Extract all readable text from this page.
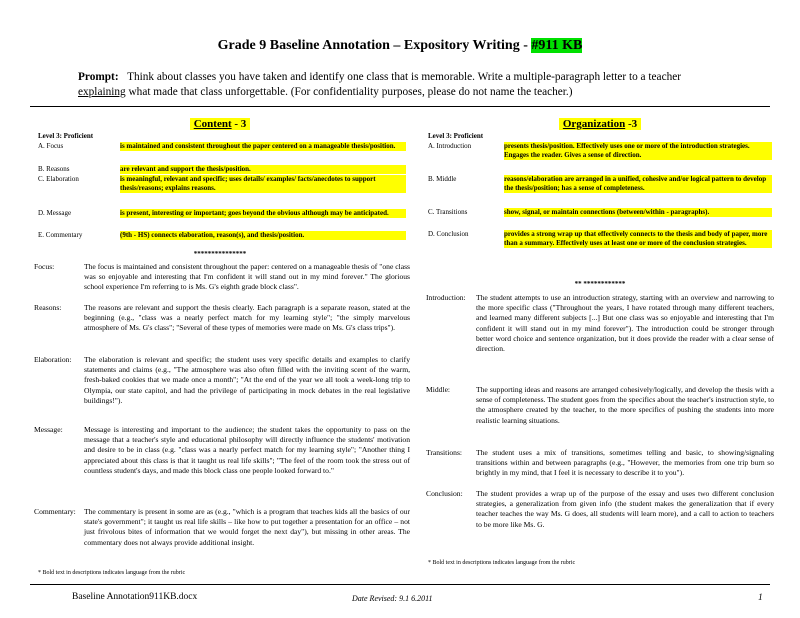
Grade 9 Baseline Annotation – Expository Writing - #911 KB
Prompt: Think about classes you have taken and identify one class that is memorable. Write a multiple-paragraph letter to a teacher
explaining what made that class unforgettable. (For confidentiality purposes, please do not name the teacher.)
Content - 3
Level 3: Proficient
A. Focus	is maintained and consistent throughout the paper centered on a manageable thesis/position.
B. Reasons	are relevant and support the thesis/position.
C. Elaboration	is meaningful, relevant and specific; uses details/ examples/ facts/anecdotes to support thesis/reasons; explains reasons.
D. Message	is present, interesting or important; goes beyond the obvious although may be anticipated.
E. Commentary	(9th - HS) connects elaboration, reason(s), and thesis/position.
***************
Focus:	The focus is maintained and consistent throughout the paper: centered on a manageable thesis of "one class was so enjoyable and interesting that I'm confident it will stand out in my mind forever." The glorious school experience I'm referring to is Ms. G's eighth grade block class".
Reasons:	The reasons are relevant and support the thesis clearly. Each paragraph is a separate reason, stated at the beginning (e.g., "class was a nearly perfect match for my learning style"; "the simply marvelous atmosphere of Ms. G's class"; "Several of these types of memories were made on Ms. G's class trips").
Elaboration: The elaboration is relevant and specific; the student uses very specific details and examples to clarify statements and claims (e.g., "The atmosphere was also often filled with the inviting scent of the warm, fresh-baked cookies that we made once a month"; "At the end of the year we all took a week-long trip to Olympia, our state capitol, and had the privilege of participating in mock debates in the real legislative buildings!").
Message:	Message is interesting and important to the audience; the student takes the opportunity to pass on the message that a teacher's style and educational philosophy will directly influence the students' motivation and desire to be in class (e.g. "class was a nearly perfect match for my learning style"; "Another thing I appreciated about this class is that it taught us real life skills"; "The feel of the room took the stress out of countless student's days, and made this block class one people looked forward to."
Commentary: The commentary is present in some are as (e.g., "which is a program that teaches kids all the basics of our state's government"; it taught us real life skills – like how to put together a presentation for an office – not just frivolous bites of information that we would forget the next day"), but missing in other areas. The commentary does not always provide additional insight.
* Bold text in descriptions indicates language from the rubric
Organization -3
Level 3: Proficient
A. Introduction	presents thesis/position. Effectively uses one or more of the introduction strategies. Engages the reader. Gives a sense of direction.
B. Middle	reasons/elaboration are arranged in a unified, cohesive and/or logical pattern to develop the thesis/position; has a sense of completeness.
C. Transitions	show, signal, or maintain connections (between/within - paragraphs).
D. Conclusion	provides a strong wrap up that effectively connects to the thesis and body of paper, more than a summary. Effectively uses at least one or more of the conclusion strategies.
** ************
Introduction: The student attempts to use an introduction strategy, starting with an overview and narrowing to the more specific class ("Throughout the years, I have rotated through many different teachers, and learned many different subjects [...] But one class was so enjoyable and interesting that I'm confident it will stand out in my mind forever"). The introduction could be stronger through better word choice and sentence organization, but it does provide the reader with a clear sense of direction.
Middle:	The supporting ideas and reasons are arranged cohesively/logically, and develop the thesis with a sense of completeness. The student goes from the specifics about the teacher's instruction style, to the atmosphere created by the teacher, to the more specifics of pushing the students into more realistic learning situations.
Transitions: The student uses a mix of transitions, sometimes telling and basic, to showing/signaling transitions within and between paragraphs (e.g., "However, the memories from one trip burn so brightly in my mind, that I feel it is necessary to describe it to you").
Conclusion: The student provides a wrap up of the purpose of the essay and uses two different conclusion strategies, a generalization from given info (the student makes the generalization that if every teacher teaches the way Ms. G does, all students will learn more), and a call to action to teachers to be more like Ms. G.
* Bold text in descriptions indicates language from the rubric
Baseline Annotation911KB.docx	Date Revised: 9.1 6.2011	1
